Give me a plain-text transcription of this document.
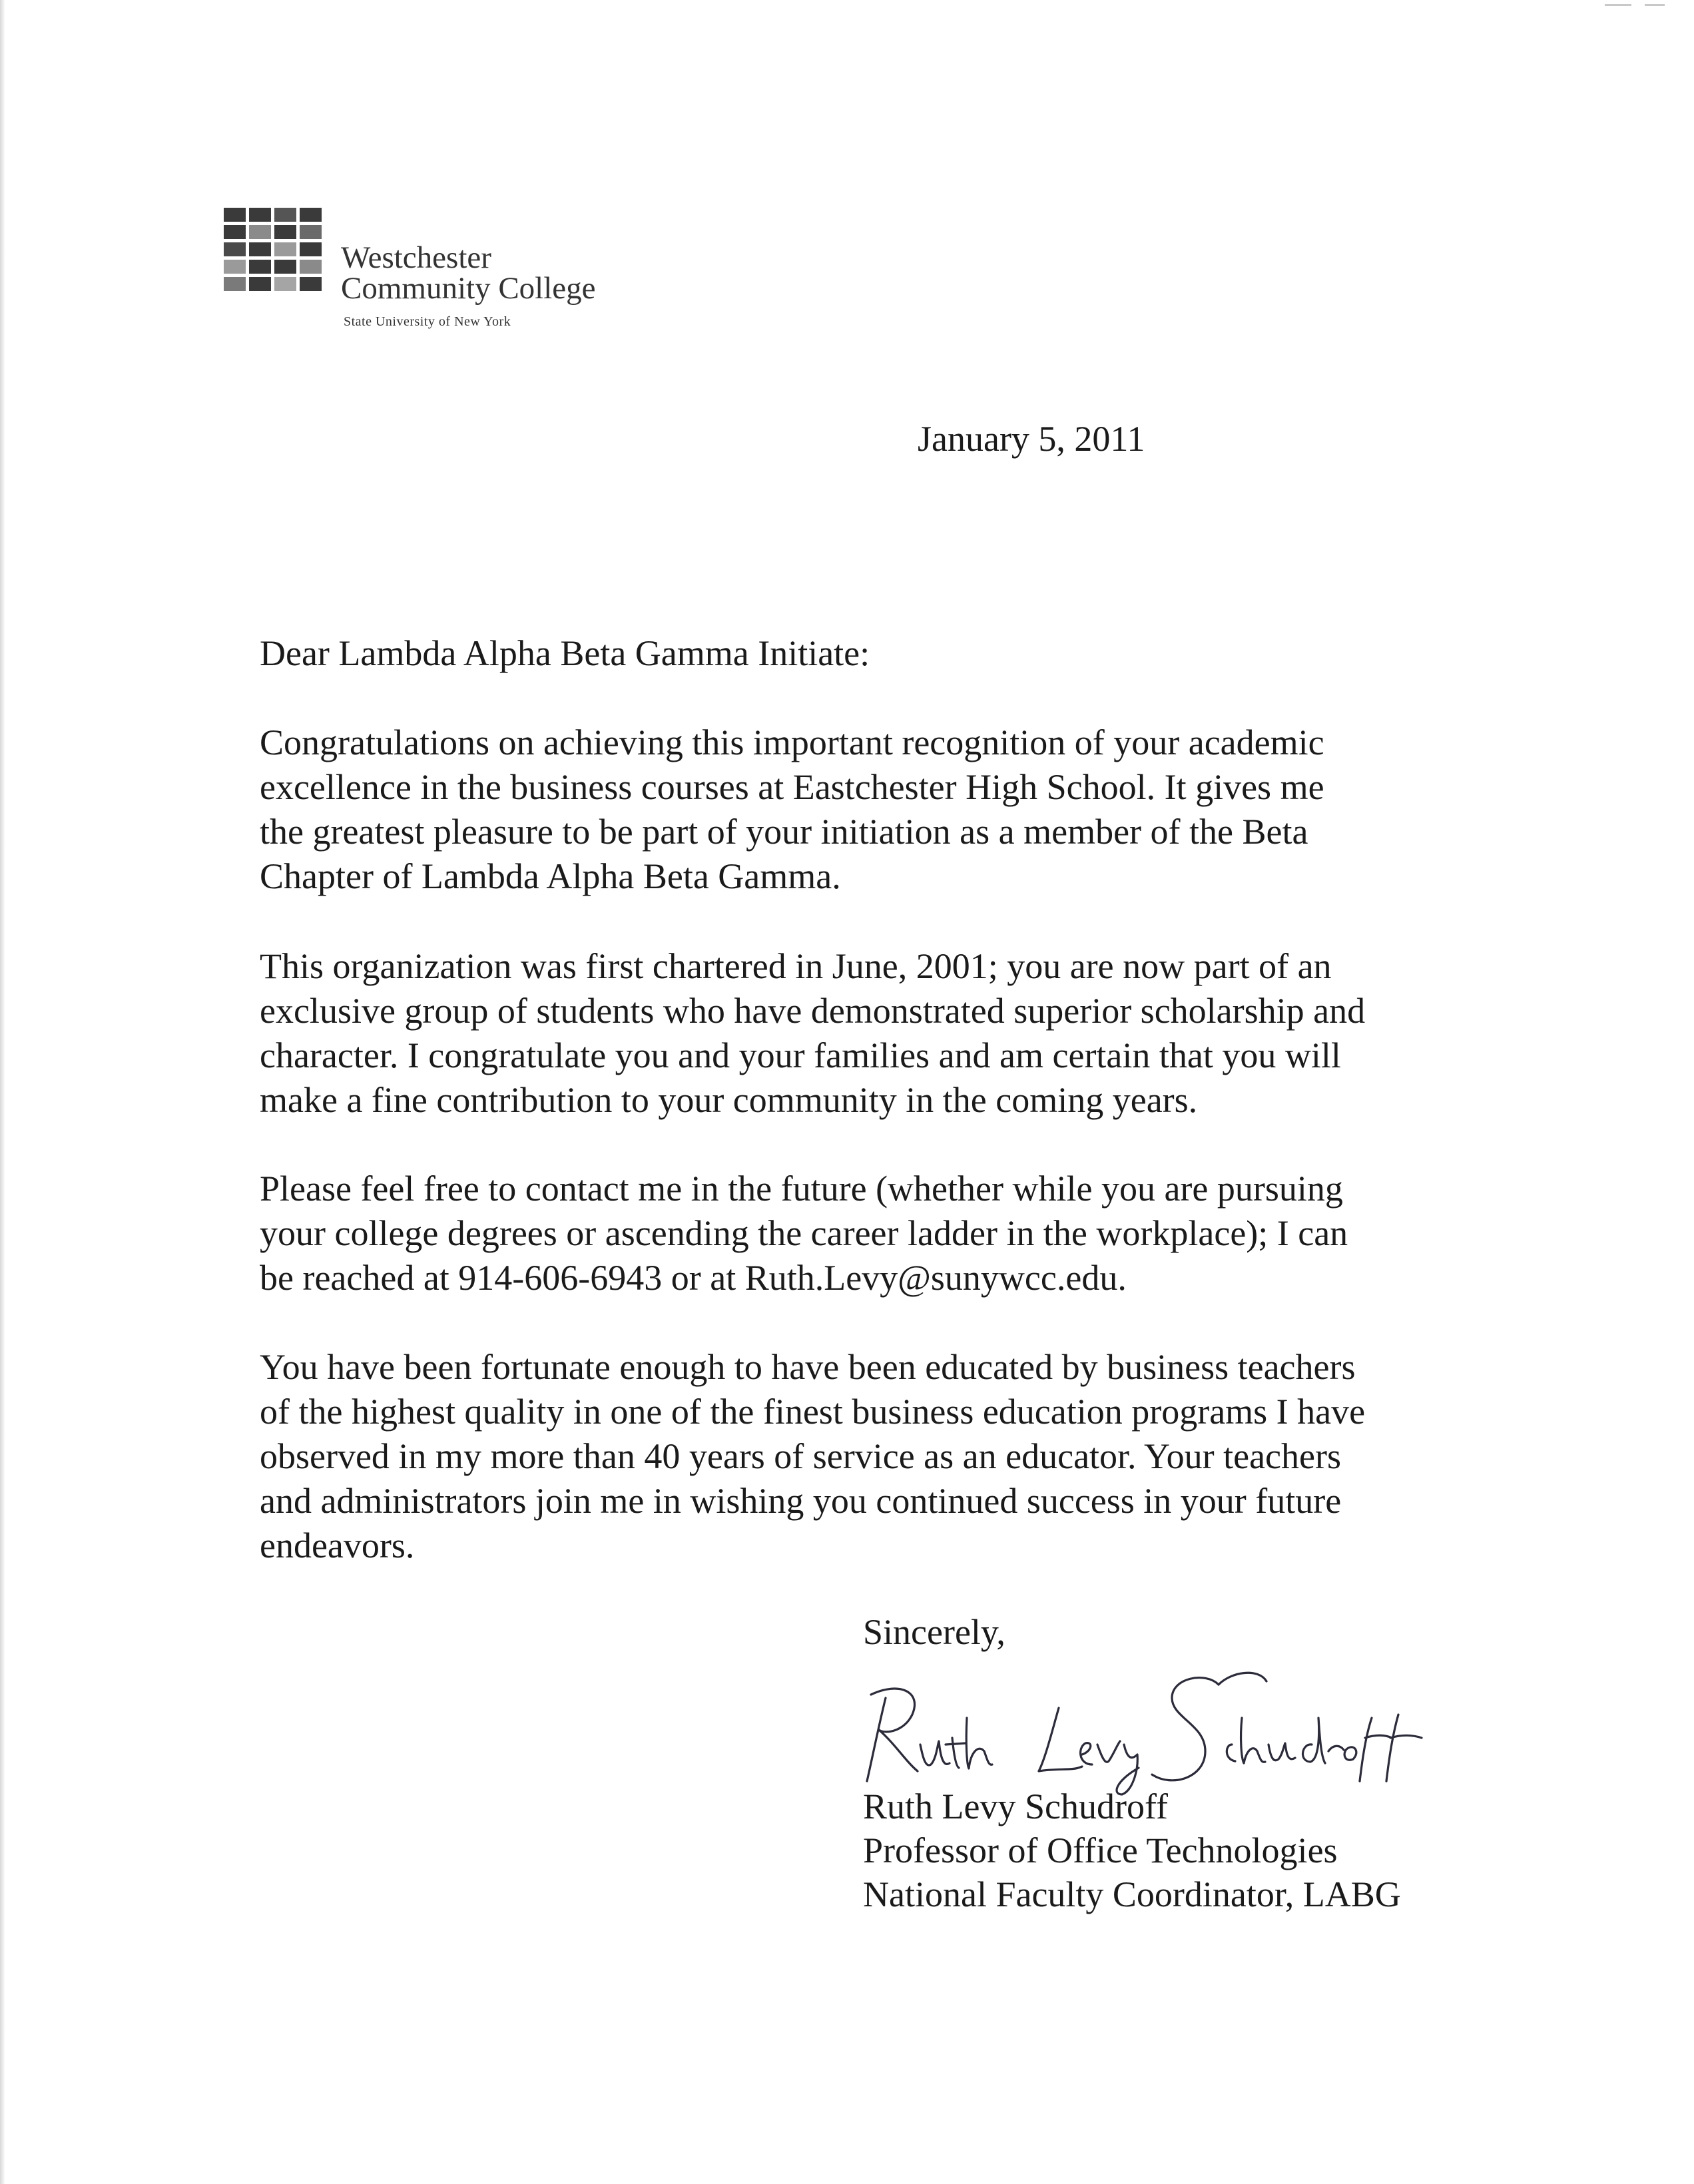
Westchester
Community College
State University of New York
January 5, 2011
Dear Lambda Alpha Beta Gamma Initiate:
Congratulations on achieving this important recognition of your academic
excellence in the business courses at Eastchester High School. It gives me
the greatest pleasure to be part of your initiation as a member of the Beta
Chapter of Lambda Alpha Beta Gamma.
This organization was first chartered in June, 2001; you are now part of an
exclusive group of students who have demonstrated superior scholarship and
character. I congratulate you and your families and am certain that you will
make a fine contribution to your community in the coming years.
Please feel free to contact me in the future (whether while you are pursuing
your college degrees or ascending the career ladder in the workplace); I can
be reached at 914-606-6943 or at Ruth.Levy@sunywcc.edu.
You have been fortunate enough to have been educated by business teachers
of the highest quality in one of the finest business education programs I have
observed in my more than 40 years of service as an educator. Your teachers
and administrators join me in wishing you continued success in your future
endeavors.
Sincerely,
Ruth Levy Schudroff
Professor of Office Technologies
National Faculty Coordinator, LABG
